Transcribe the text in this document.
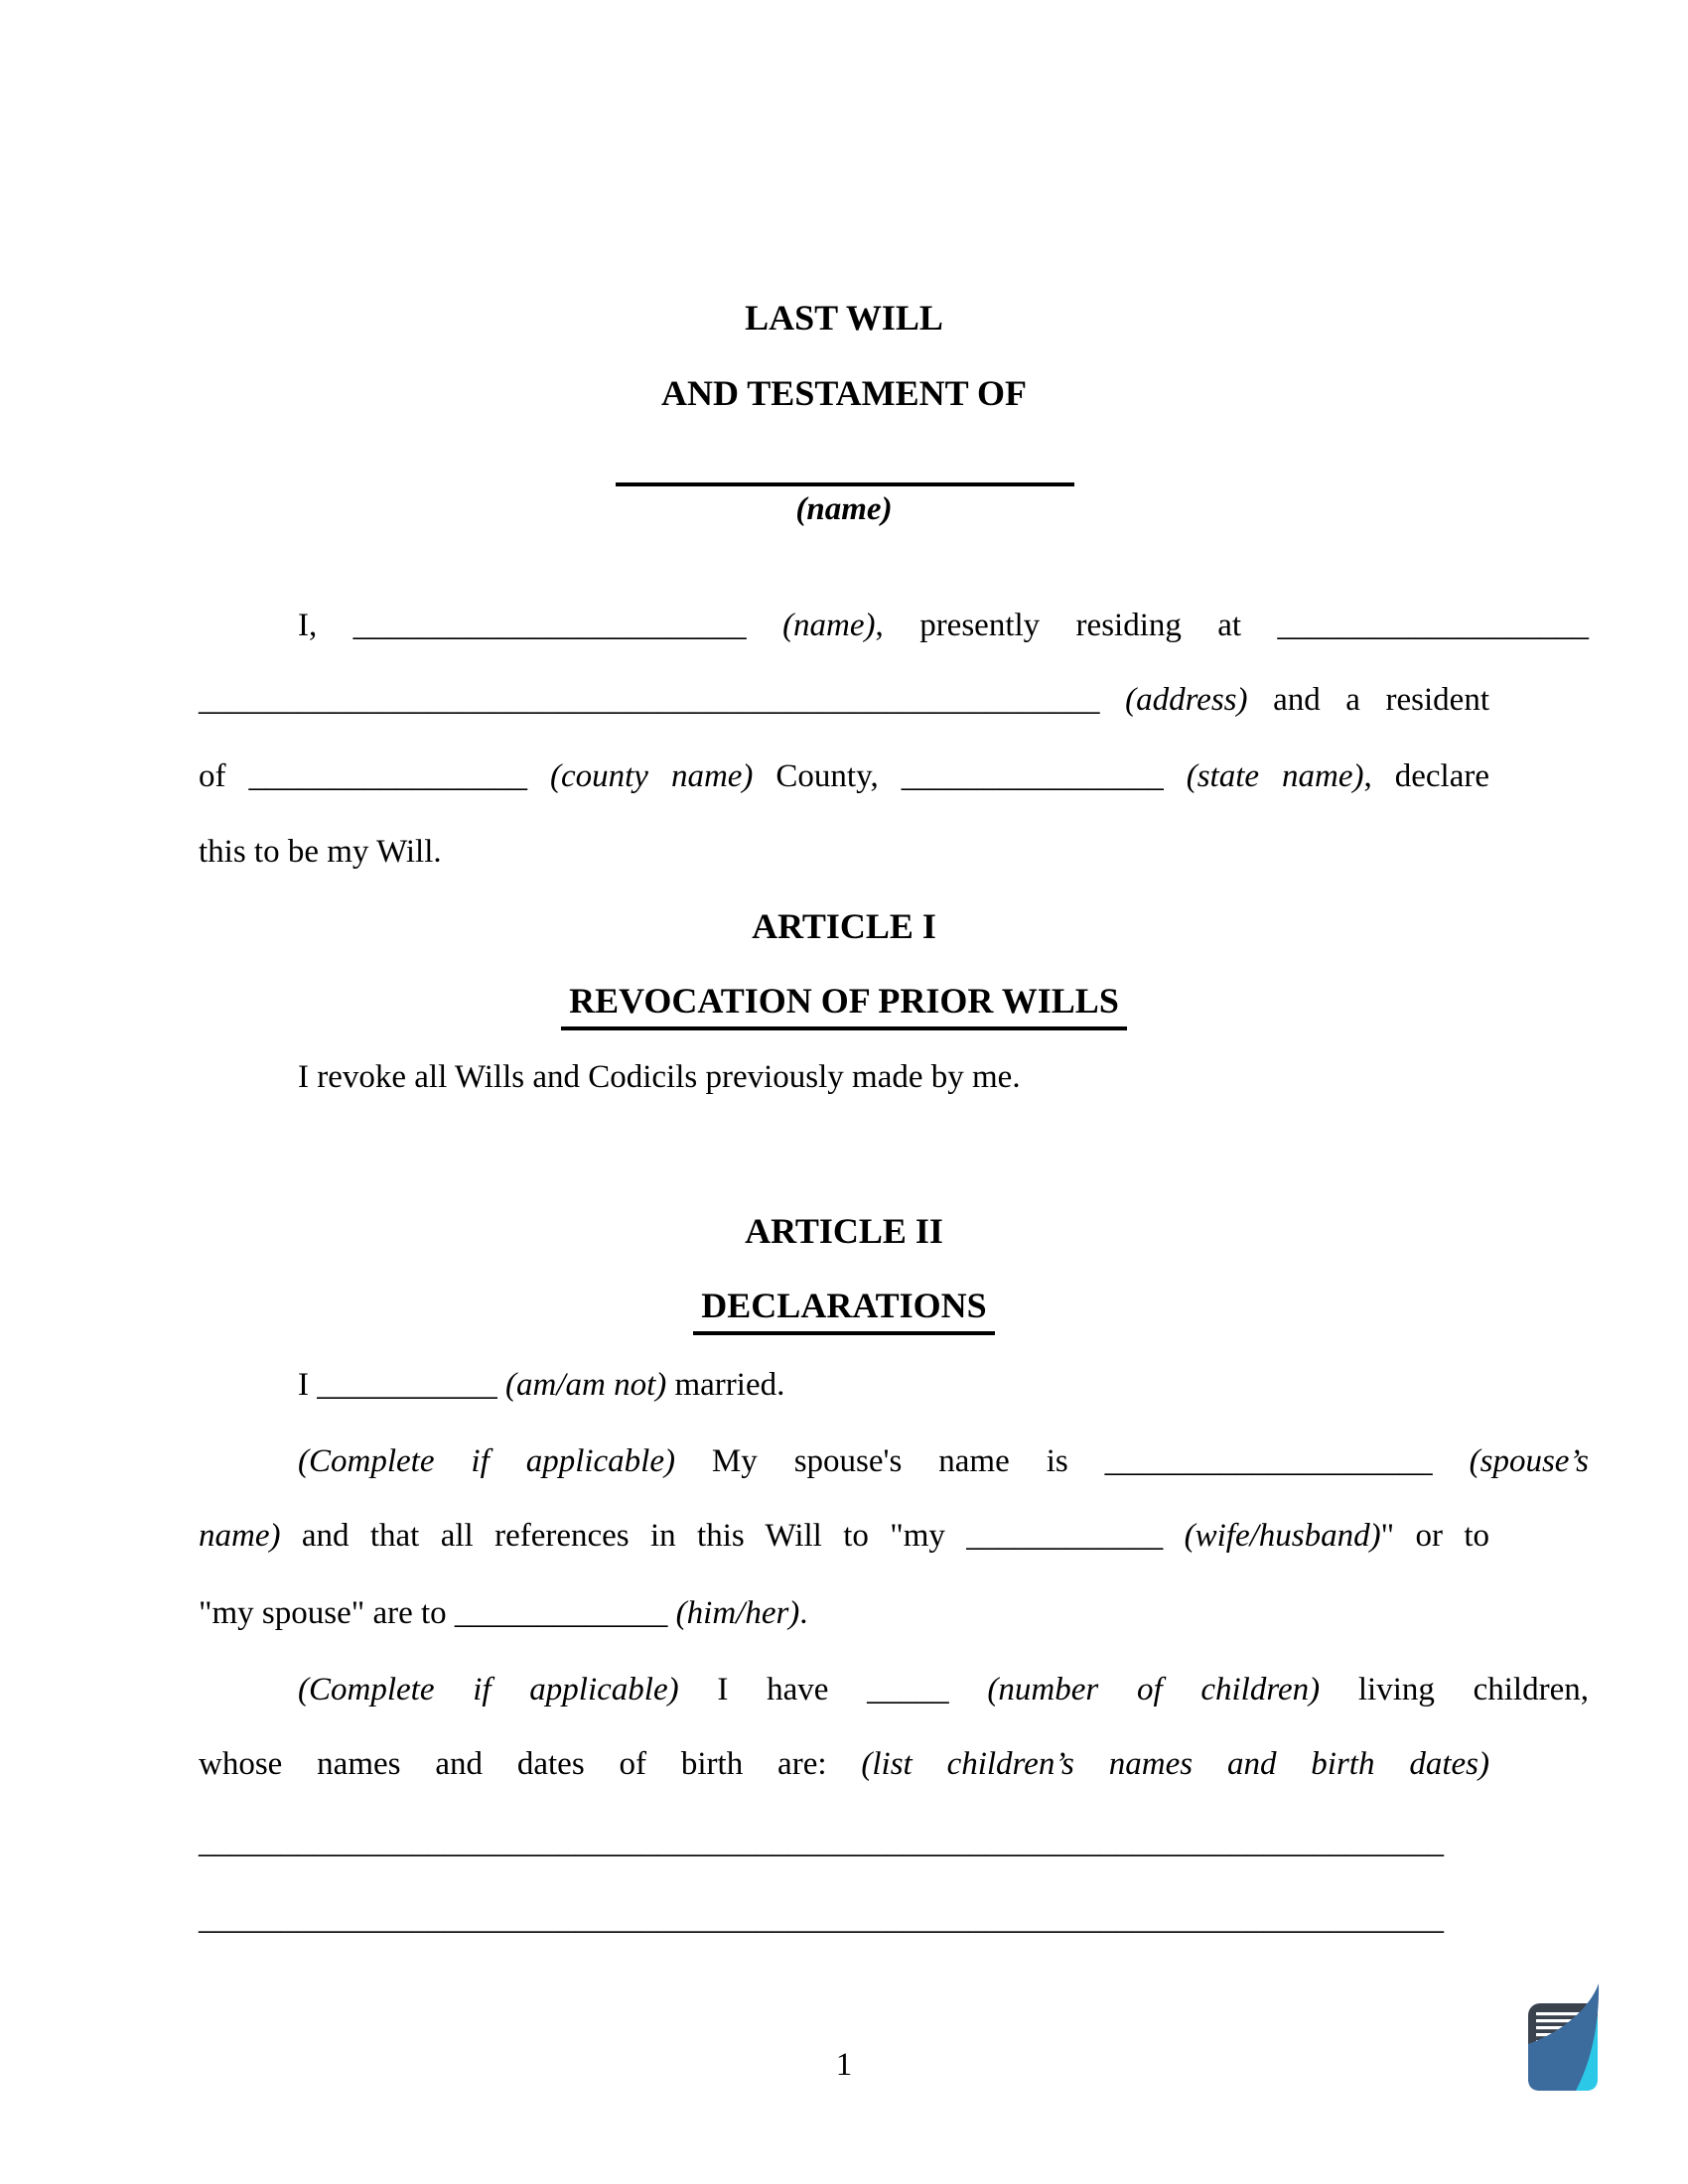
LAST WILL
AND TESTAMENT OF
(name)
I, ________________________ (name), presently residing at ___________________
_______________________________________________________ (address) and a resident
of _________________ (county name) County, ________________ (state name), declare
this to be my Will.
ARTICLE I
REVOCATION OF PRIOR WILLS
I revoke all Wills and Codicils previously made by me.
ARTICLE II
DECLARATIONS
I ___________ (am/am not) married.
(Complete if applicable) My spouse's name is ____________________ (spouse’s
name) and that all references in this Will to "my ____________ (wife/husband)" or to
"my spouse" are to _____________ (him/her).
(Complete if applicable) I have _____ (number of children) living children,
whose names and dates of birth are: (list children’s names and birth dates)
____________________________________________________________________________
____________________________________________________________________________
1
